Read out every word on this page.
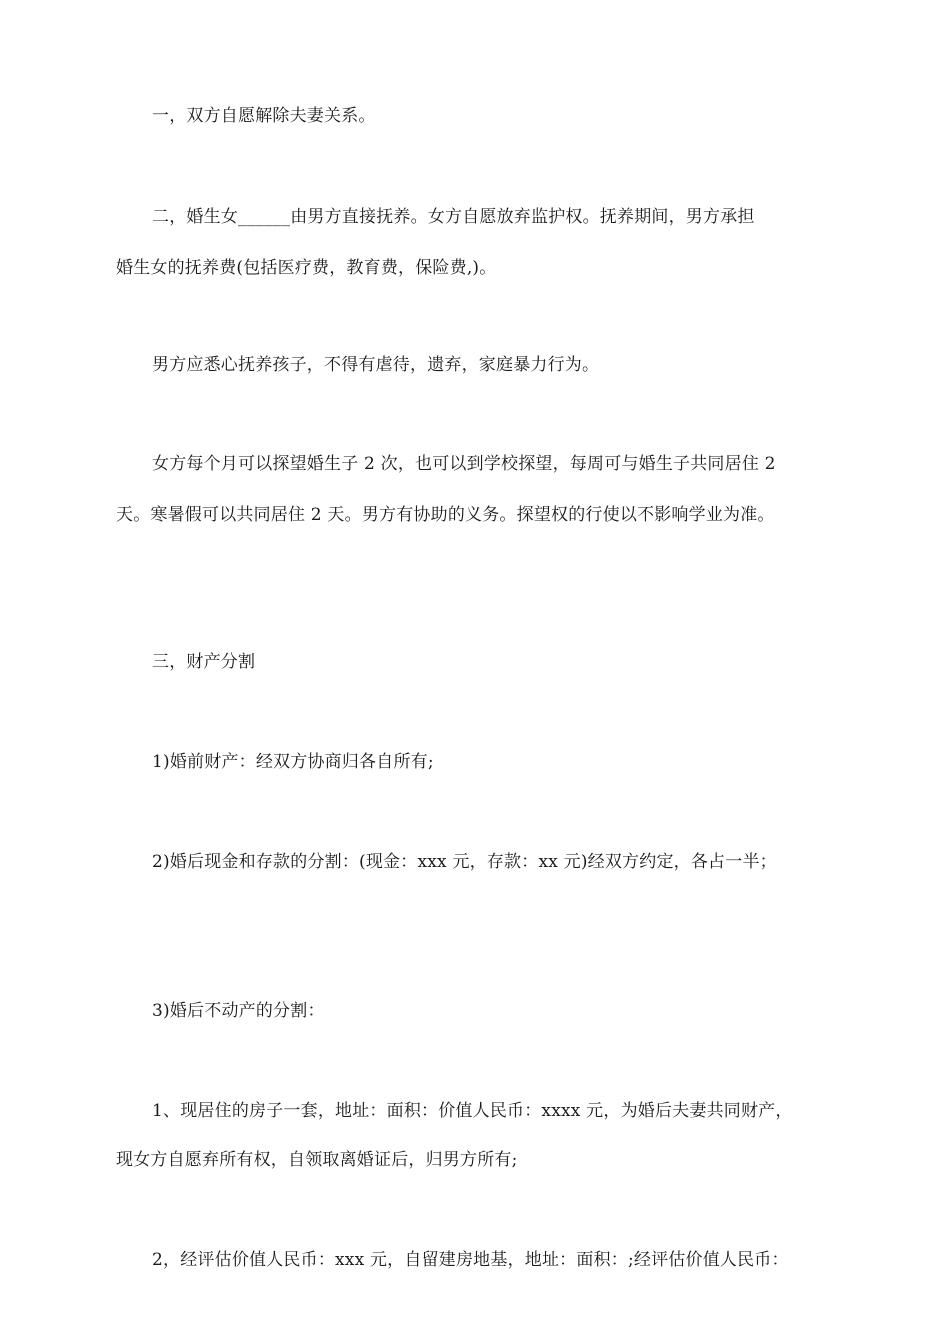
一，双方自愿解除夫妻关系。
二，婚生女______由男方直接抚养。女方自愿放弃监护权。抚养期间，男方承担
婚生女的抚养费(包括医疗费，教育费，保险费,)。
男方应悉心抚养孩子，不得有虐待，遗弃，家庭暴力行为。
女方每个月可以探望婚生子 2 次，也可以到学校探望，每周可与婚生子共同居住 2
天。寒暑假可以共同居住 2 天。男方有协助的义务。探望权的行使以不影响学业为准。
三，财产分割
1)婚前财产：经双方协商归各自所有;
2)婚后现金和存款的分割：(现金：xxx 元，存款：xx 元)经双方约定，各占一半；
3)婚后不动产的分割：
1、现居住的房子一套，地址：面积：价值人民币：xxxx 元，为婚后夫妻共同财产，
现女方自愿弃所有权，自领取离婚证后，归男方所有;
2，经评估价值人民币：xxx 元，自留建房地基，地址：面积：;经评估价值人民币：
